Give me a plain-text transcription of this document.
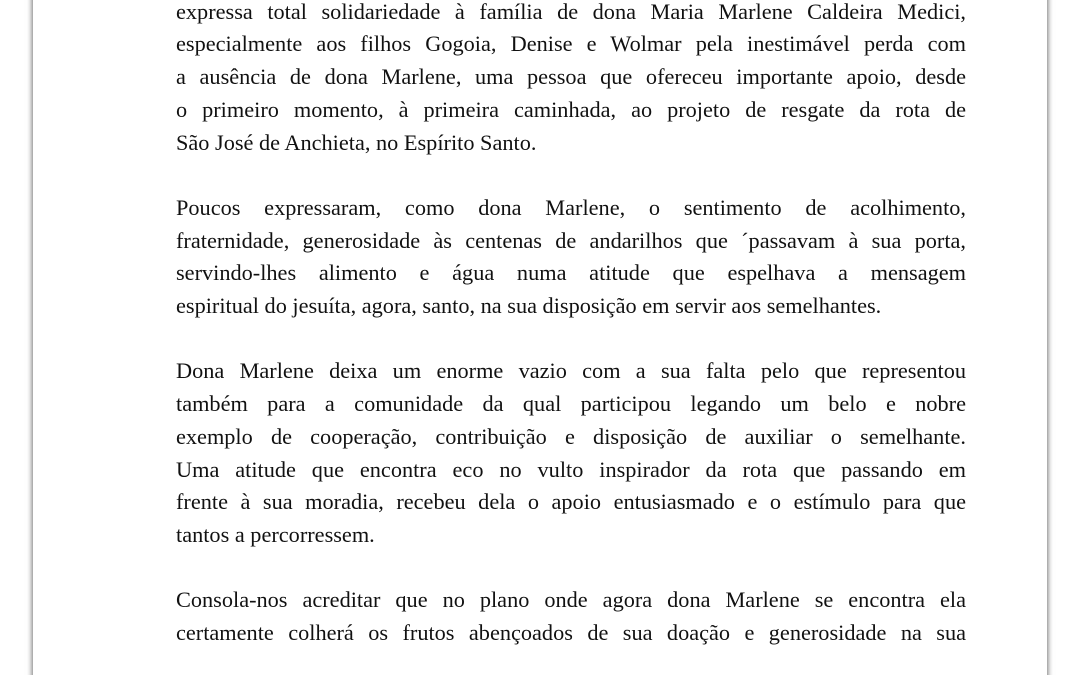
expressa total solidariedade à família de dona Maria Marlene Caldeira Medici,
especialmente aos filhos Gogoia, Denise e Wolmar pela inestimável perda com
a ausência de dona Marlene, uma pessoa que ofereceu importante apoio, desde
o primeiro momento, à primeira caminhada, ao projeto de resgate da rota de
São José de Anchieta, no Espírito Santo.

Poucos expressaram, como dona Marlene, o sentimento de acolhimento,
fraternidade, generosidade às centenas de andarilhos que ´passavam à sua porta,
servindo-lhes alimento e água numa atitude que espelhava a mensagem
espiritual do jesuíta, agora, santo, na sua disposição em servir aos semelhantes.

Dona Marlene deixa um enorme vazio com a sua falta pelo que representou
também para a comunidade da qual participou legando um belo e nobre
exemplo de cooperação, contribuição e disposição de auxiliar o semelhante.
Uma atitude que encontra eco no vulto inspirador da rota que passando em
frente à sua moradia, recebeu dela o apoio entusiasmado e o estímulo para que
tantos a percorressem.

Consola-nos acreditar que no plano onde agora dona Marlene se encontra ela
certamente colherá os frutos abençoados de sua doação e generosidade na sua
